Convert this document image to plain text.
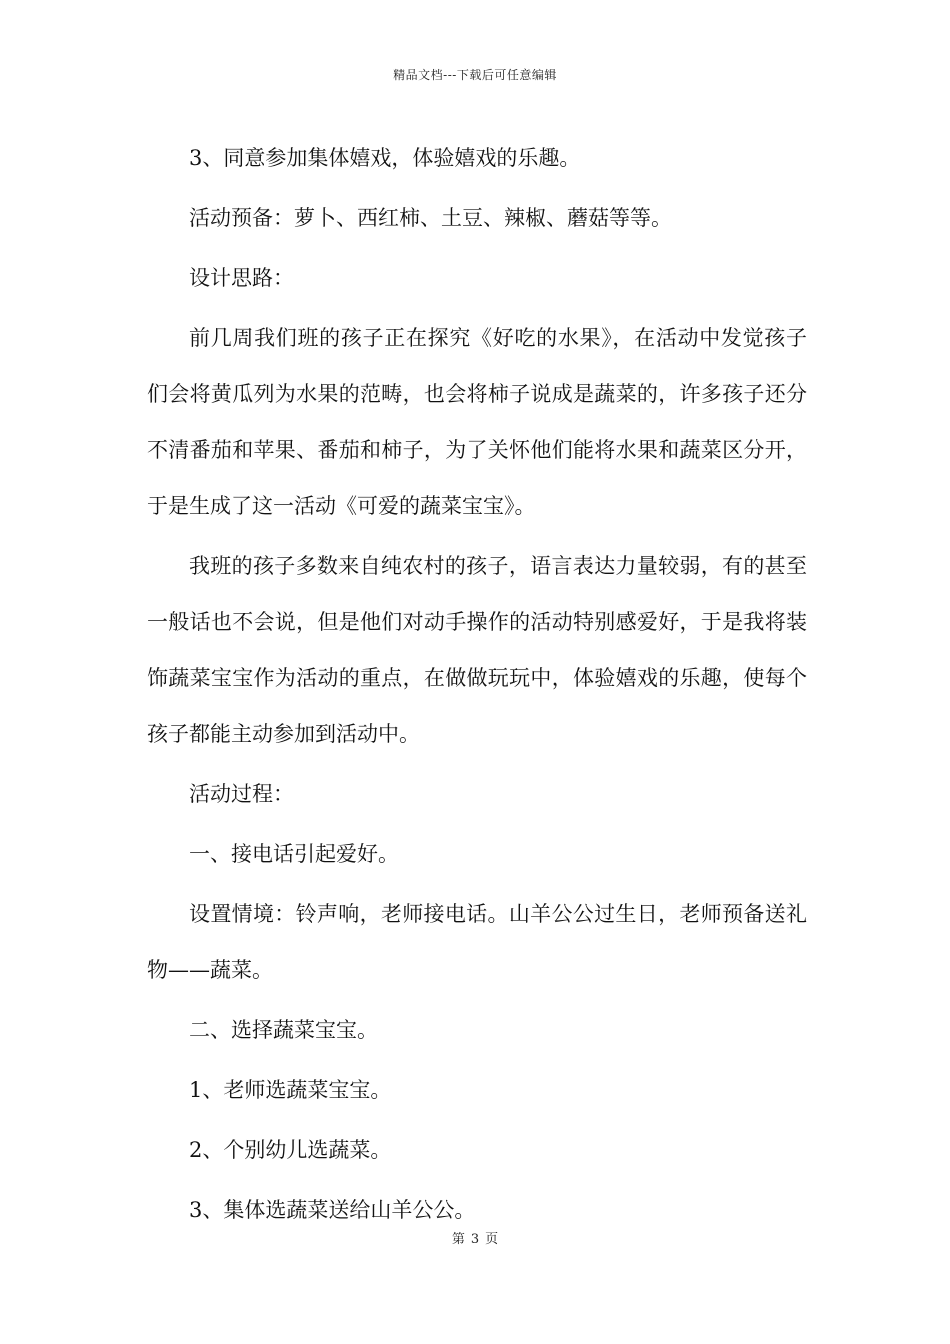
精品文档---下载后可任意编辑

3、同意参加集体嬉戏，体验嬉戏的乐趣。

活动预备：萝卜、西红柿、土豆、辣椒、蘑菇等等。

设计思路：

前几周我们班的孩子正在探究《好吃的水果》，在活动中发觉孩子们会将黄瓜列为水果的范畴，也会将柿子说成是蔬菜的，许多孩子还分不清番茄和苹果、番茄和柿子，为了关怀他们能将水果和蔬菜区分开，于是生成了这一活动《可爱的蔬菜宝宝》。

我班的孩子多数来自纯农村的孩子，语言表达力量较弱，有的甚至一般话也不会说，但是他们对动手操作的活动特别感爱好，于是我将装饰蔬菜宝宝作为活动的重点，在做做玩玩中，体验嬉戏的乐趣，使每个孩子都能主动参加到活动中。

活动过程：

一、接电话引起爱好。

设置情境：铃声响，老师接电话。山羊公公过生日，老师预备送礼物——蔬菜。

二、选择蔬菜宝宝。

1、老师选蔬菜宝宝。

2、个别幼儿选蔬菜。

3、集体选蔬菜送给山羊公公。

第 3 页
